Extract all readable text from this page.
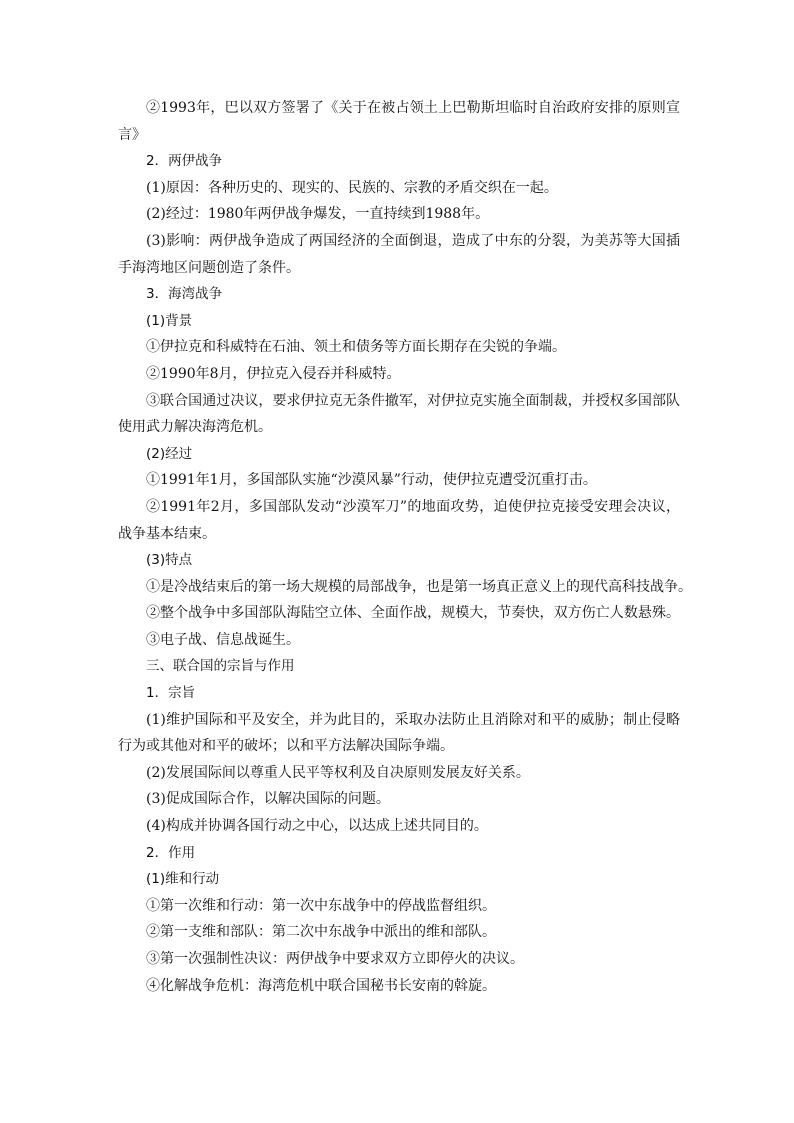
②1993年，巴以双方签署了《关于在被占领土上巴勒斯坦临时自治政府安排的原则宣
言》
2．两伊战争
(1)原因：各种历史的、现实的、民族的、宗教的矛盾交织在一起。
(2)经过：1980年两伊战争爆发，一直持续到1988年。
(3)影响：两伊战争造成了两国经济的全面倒退，造成了中东的分裂，为美苏等大国插
手海湾地区问题创造了条件。
3．海湾战争
(1)背景
①伊拉克和科威特在石油、领土和债务等方面长期存在尖锐的争端。
②1990年8月，伊拉克入侵吞并科威特。
③联合国通过决议，要求伊拉克无条件撤军，对伊拉克实施全面制裁，并授权多国部队
使用武力解决海湾危机。
(2)经过
①1991年1月，多国部队实施“沙漠风暴”行动，使伊拉克遭受沉重打击。
②1991年2月，多国部队发动“沙漠军刀”的地面攻势，迫使伊拉克接受安理会决议，
战争基本结束。
(3)特点
①是冷战结束后的第一场大规模的局部战争，也是第一场真正意义上的现代高科技战争。
②整个战争中多国部队海陆空立体、全面作战，规模大，节奏快，双方伤亡人数悬殊。
③电子战、信息战诞生。
三、联合国的宗旨与作用
1．宗旨
(1)维护国际和平及安全，并为此目的，采取办法防止且消除对和平的威胁；制止侵略
行为或其他对和平的破坏；以和平方法解决国际争端。
(2)发展国际间以尊重人民平等权利及自决原则发展友好关系。
(3)促成国际合作，以解决国际的问题。
(4)构成并协调各国行动之中心，以达成上述共同目的。
2．作用
(1)维和行动
①第一次维和行动：第一次中东战争中的停战监督组织。
②第一支维和部队：第二次中东战争中派出的维和部队。
③第一次强制性决议：两伊战争中要求双方立即停火的决议。
④化解战争危机：海湾危机中联合国秘书长安南的斡旋。
